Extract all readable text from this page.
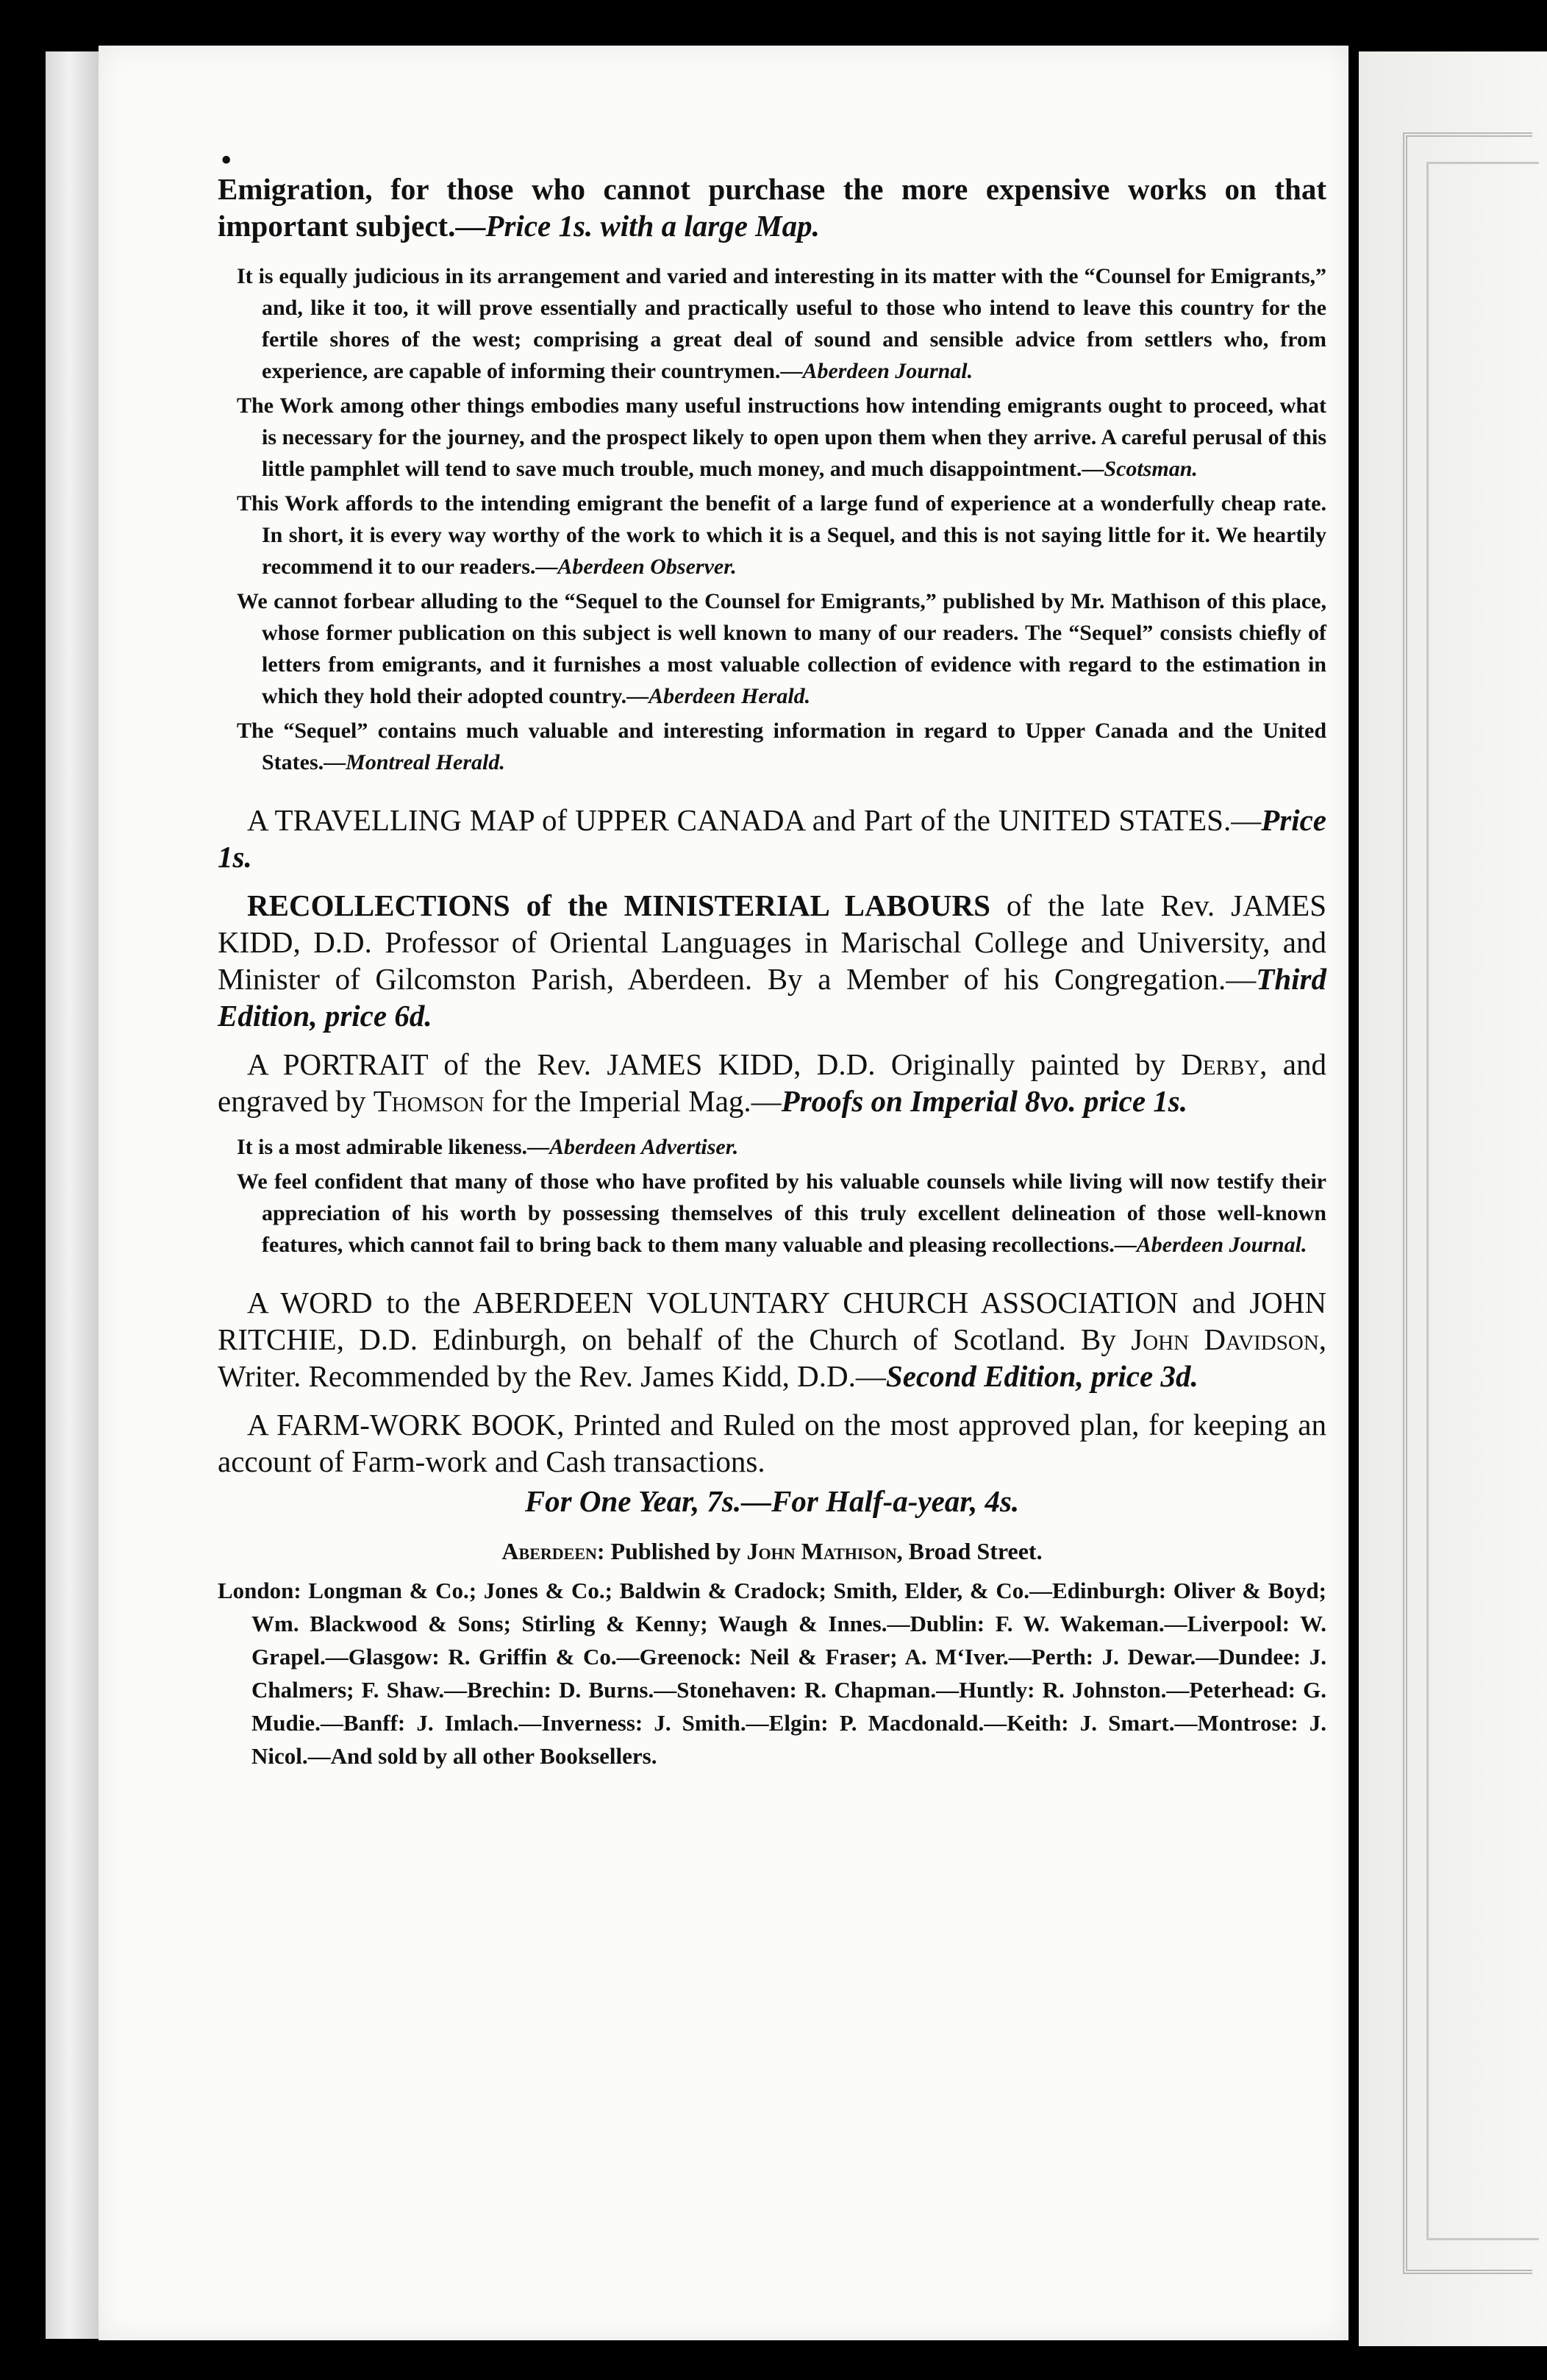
•

Emigration, for those who cannot purchase the more expensive works on that important subject.—Price 1s. with a large Map.

It is equally judicious in its arrangement and varied and interesting in its matter with the “Counsel for Emigrants,” and, like it too, it will prove essentially and practically useful to those who intend to leave this country for the fertile shores of the west; comprising a great deal of sound and sensible advice from settlers who, from experience, are capable of informing their countrymen.—Aberdeen Journal.

The Work among other things embodies many useful instructions how intending emigrants ought to proceed, what is necessary for the journey, and the prospect likely to open upon them when they arrive. A careful perusal of this little pamphlet will tend to save much trouble, much money, and much disappointment.—Scotsman.

This Work affords to the intending emigrant the benefit of a large fund of experience at a wonderfully cheap rate. In short, it is every way worthy of the work to which it is a Sequel, and this is not saying little for it. We heartily recommend it to our readers.—Aberdeen Observer.

We cannot forbear alluding to the “Sequel to the Counsel for Emigrants,” published by Mr. Mathison of this place, whose former publication on this subject is well known to many of our readers. The “Sequel” consists chiefly of letters from emigrants, and it furnishes a most valuable collection of evidence with regard to the estimation in which they hold their adopted country.—Aberdeen Herald.

The “Sequel” contains much valuable and interesting information in regard to Upper Canada and the United States.—Montreal Herald.

A TRAVELLING MAP of UPPER CANADA and Part of the UNITED STATES.—Price 1s.

RECOLLECTIONS of the MINISTERIAL LABOURS of the late Rev. JAMES KIDD, D.D. Professor of Oriental Languages in Marischal College and University, and Minister of Gilcomston Parish, Aberdeen. By a Member of his Congregation.—Third Edition, price 6d.

A PORTRAIT of the Rev. JAMES KIDD, D.D. Originally painted by Derby, and engraved by Thomson for the Imperial Mag.—Proofs on Imperial 8vo. price 1s.

It is a most admirable likeness.—Aberdeen Advertiser.

We feel confident that many of those who have profited by his valuable counsels while living will now testify their appreciation of his worth by possessing themselves of this truly excellent delineation of those well-known features, which cannot fail to bring back to them many valuable and pleasing recollections.—Aberdeen Journal.

A WORD to the ABERDEEN VOLUNTARY CHURCH ASSOCIATION and JOHN RITCHIE, D.D. Edinburgh, on behalf of the Church of Scotland. By John Davidson, Writer. Recommended by the Rev. James Kidd, D.D.—Second Edition, price 3d.

A FARM-WORK BOOK, Printed and Ruled on the most approved plan, for keeping an account of Farm-work and Cash transactions.

For One Year, 7s.—For Half-a-year, 4s.

Aberdeen: Published by John Mathison, Broad Street.

London: Longman & Co.; Jones & Co.; Baldwin & Cradock; Smith, Elder, & Co.—Edinburgh: Oliver & Boyd; Wm. Blackwood & Sons; Stirling & Kenny; Waugh & Innes.—Dublin: F. W. Wakeman.—Liverpool: W. Grapel.—Glasgow: R. Griffin & Co.—Greenock: Neil & Fraser; A. M‘Iver.—Perth: J. Dewar.—Dundee: J. Chalmers; F. Shaw.—Brechin: D. Burns.—Stonehaven: R. Chapman.—Huntly: R. Johnston.—Peterhead: G. Mudie.—Banff: J. Imlach.—Inverness: J. Smith.—Elgin: P. Macdonald.—Keith: J. Smart.—Montrose: J. Nicol.—And sold by all other Booksellers.
